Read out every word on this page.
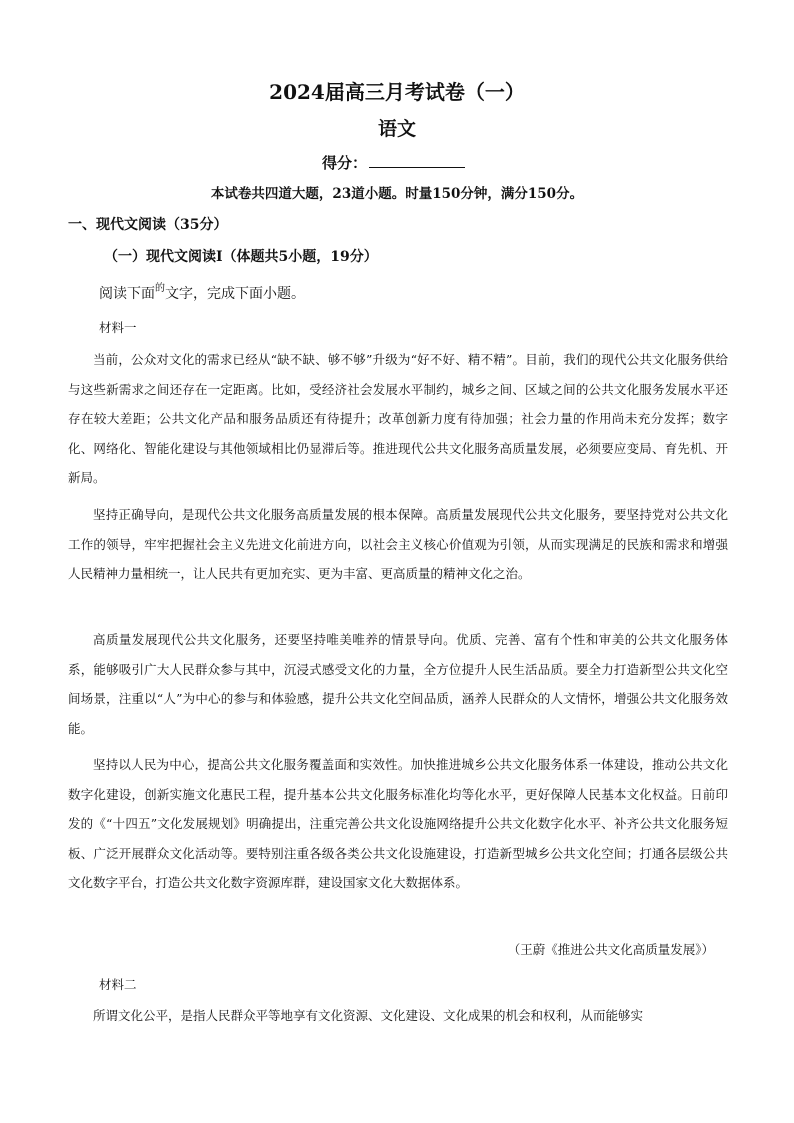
2024届高三月考试卷（一）
语文
得分：
本试卷共四道大题，23道小题。时量150分钟，满分150分。
一、现代文阅读（35分）
（一）现代文阅读Ⅰ（体题共5小题，19分）
阅读下面$^的$文字，完成下面小题。
材料一
当前，公众对文化的需求已经从“缺不缺、够不够”升级为“好不好、精不精”。目前，我们的现代公共文化服务供给与这些新需求之间还存在一定距离。比如，受经济社会发展水平制约，城乡之间、区域之间的公共文化服务发展水平还存在较大差距；公共文化产品和服务品质还有待提升；改革创新力度有待加强；社会力量的作用尚未充分发挥；数字化、网络化、智能化建设与其他领域相比仍显滞后等。推进现代公共文化服务高质量发展，必须要应变局、育先机、开新局。
坚持正确导向，是现代公共文化服务高质量发展的根本保障。高质量发展现代公共文化服务，要坚持党对公共文化工作的领导，牢牢把握社会主义先进文化前进方向，以社会主义核心价值观为引领，从而实现满足的民族和需求和增强人民精神力量相统一，让人民共有更加充实、更为丰富、更高质量的精神文化之治。
高质量发展现代公共文化服务，还要坚持唯美唯养的情景导向。优质、完善、富有个性和审美的公共文化服务体系，能够吸引广大人民群众参与其中，沉浸式感受文化的力量，全方位提升人民生活品质。要全力打造新型公共文化空间场景，注重以“人”为中心的参与和体验感，提升公共文化空间品质，涵养人民群众的人文情怀，增强公共文化服务效能。
坚持以人民为中心，提高公共文化服务覆盖面和实效性。加快推进城乡公共文化服务体系一体建设，推动公共文化数字化建设，创新实施文化惠民工程，提升基本公共文化服务标准化均等化水平，更好保障人民基本文化权益。日前印发的《“十四五”文化发展规划》明确提出，注重完善公共文化设施网络提升公共文化数字化水平、补齐公共文化服务短板、广泛开展群众文化活动等。要特别注重各级各类公共文化设施建设，打造新型城乡公共文化空间；打通各层级公共文化数字平台，打造公共文化数字资源库群，建设国家文化大数据体系。
（王蔚《推进公共文化高质量发展》）
材料二
所谓文化公平，是指人民群众平等地享有文化资源、文化建设、文化成果的机会和权利，从而能够实
